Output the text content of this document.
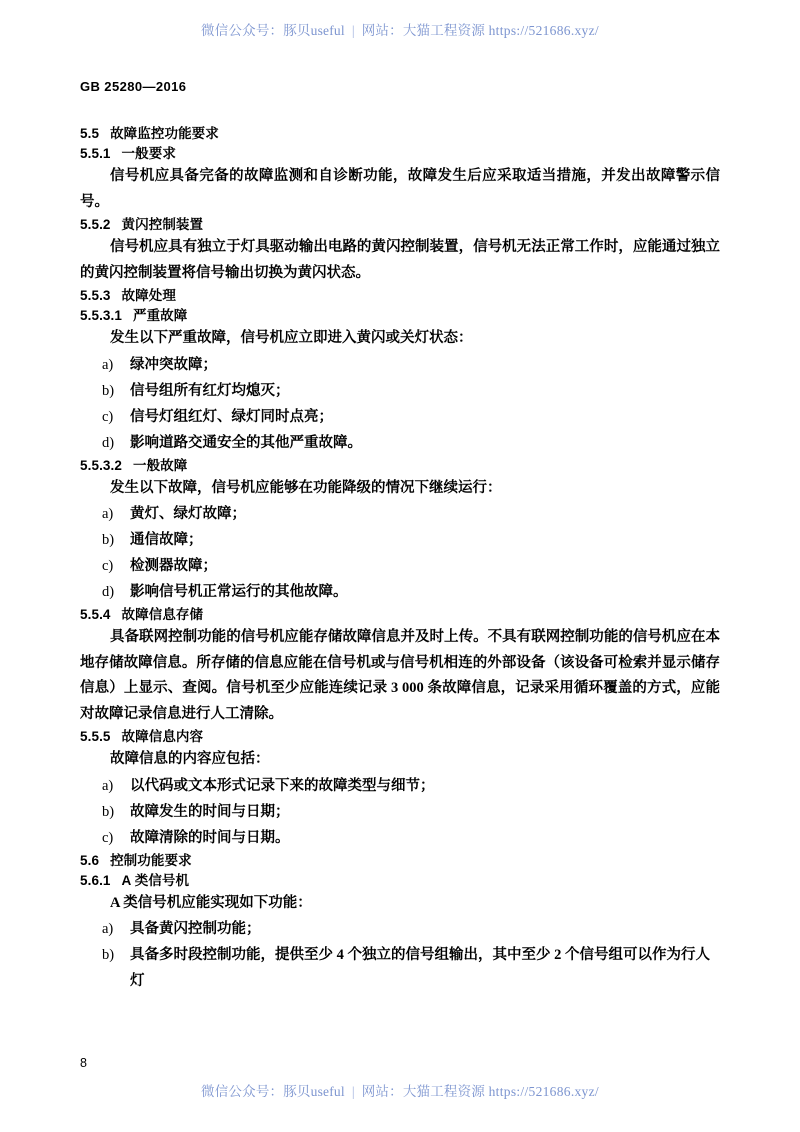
微信公众号：豚贝useful | 网站：大猫工程资源 https://521686.xyz/
GB 25280—2016
5.5 故障监控功能要求
5.5.1 一般要求

信号机应具备完备的故障监测和自诊断功能，故障发生后应采取适当措施，并发出故障警示信号。

5.5.2 黄闪控制装置

信号机应具有独立于灯具驱动输出电路的黄闪控制装置，信号机无法正常工作时，应能通过独立的黄闪控制装置将信号输出切换为黄闪状态。

5.5.3 故障处理
5.5.3.1 严重故障

发生以下严重故障，信号机应立即进入黄闪或关灯状态：

a) 绿冲突故障；
b) 信号组所有红灯均熄灭；
c) 信号灯组红灯、绿灯同时点亮；
d) 影响道路交通安全的其他严重故障。
5.5.3.2 一般故障

发生以下故障，信号机应能够在功能降级的情况下继续运行：

a) 黄灯、绿灯故障；
b) 通信故障；
c) 检测器故障；
d) 影响信号机正常运行的其他故障。
5.5.4 故障信息存储

具备联网控制功能的信号机应能存储故障信息并及时上传。不具有联网控制功能的信号机应在本地存储故障信息。所存储的信息应能在信号机或与信号机相连的外部设备（该设备可检索并显示储存信息）上显示、查阅。信号机至少应能连续记录 3 000 条故障信息，记录采用循环覆盖的方式，应能对故障记录信息进行人工清除。

5.5.5 故障信息内容

故障信息的内容应包括：

a) 以代码或文本形式记录下来的故障类型与细节；
b) 故障发生的时间与日期；
c) 故障清除的时间与日期。
5.6 控制功能要求
5.6.1 A 类信号机

A 类信号机应能实现如下功能：

a) 具备黄闪控制功能；
b) 具备多时段控制功能，提供至少 4 个独立的信号组输出，其中至少 2 个信号组可以作为行人灯
8
微信公众号：豚贝useful | 网站：大猫工程资源 https://521686.xyz/
